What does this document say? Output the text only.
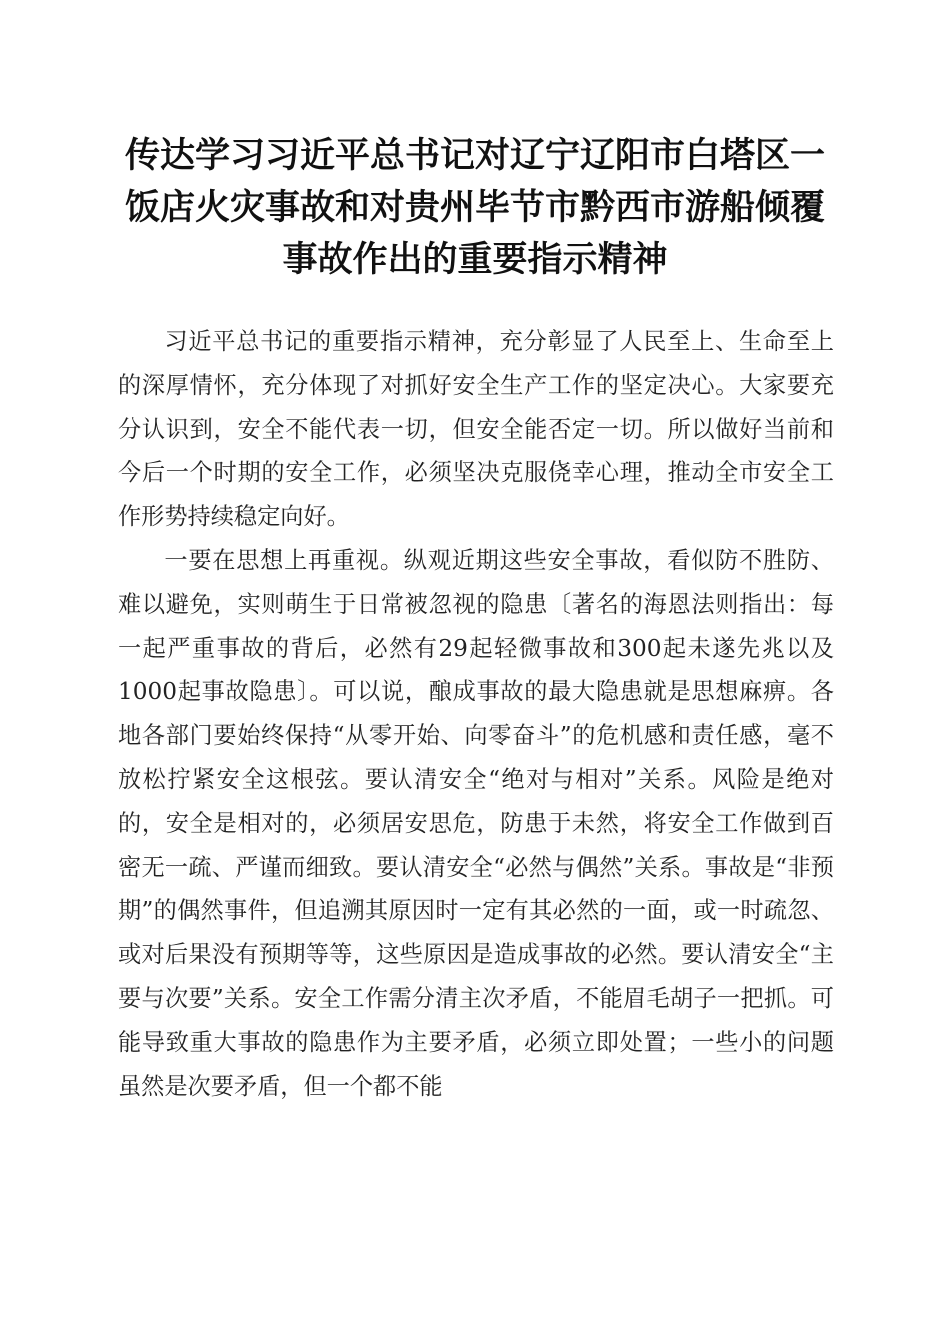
传达学习习近平总书记对辽宁辽阳市白塔区一
饭店火灾事故和对贵州毕节市黔西市游船倾覆
事故作出的重要指示精神

习近平总书记的重要指示精神，充分彰显了人民至上、生命至上的深厚情怀，充分体现了对抓好安全生产工作的坚定决心。大家要充分认识到，安全不能代表一切，但安全能否定一切。所以做好当前和今后一个时期的安全工作，必须坚决克服侥幸心理，推动全市安全工作形势持续稳定向好。

一要在思想上再重视。纵观近期这些安全事故，看似防不胜防、难以避免，实则萌生于日常被忽视的隐患〔著名的海恩法则指出：每一起严重事故的背后，必然有29起轻微事故和300起未遂先兆以及1000起事故隐患〕。可以说，酿成事故的最大隐患就是思想麻痹。各地各部门要始终保持“从零开始、向零奋斗”的危机感和责任感，毫不放松拧紧安全这根弦。要认清安全“绝对与相对”关系。风险是绝对的，安全是相对的，必须居安思危，防患于未然，将安全工作做到百密无一疏、严谨而细致。要认清安全“必然与偶然”关系。事故是“非预期”的偶然事件，但追溯其原因时一定有其必然的一面，或一时疏忽、或对后果没有预期等等，这些原因是造成事故的必然。要认清安全“主要与次要”关系。安全工作需分清主次矛盾，不能眉毛胡子一把抓。可能导致重大事故的隐患作为主要矛盾，必须立即处置；一些小的问题虽然是次要矛盾，但一个都不能
